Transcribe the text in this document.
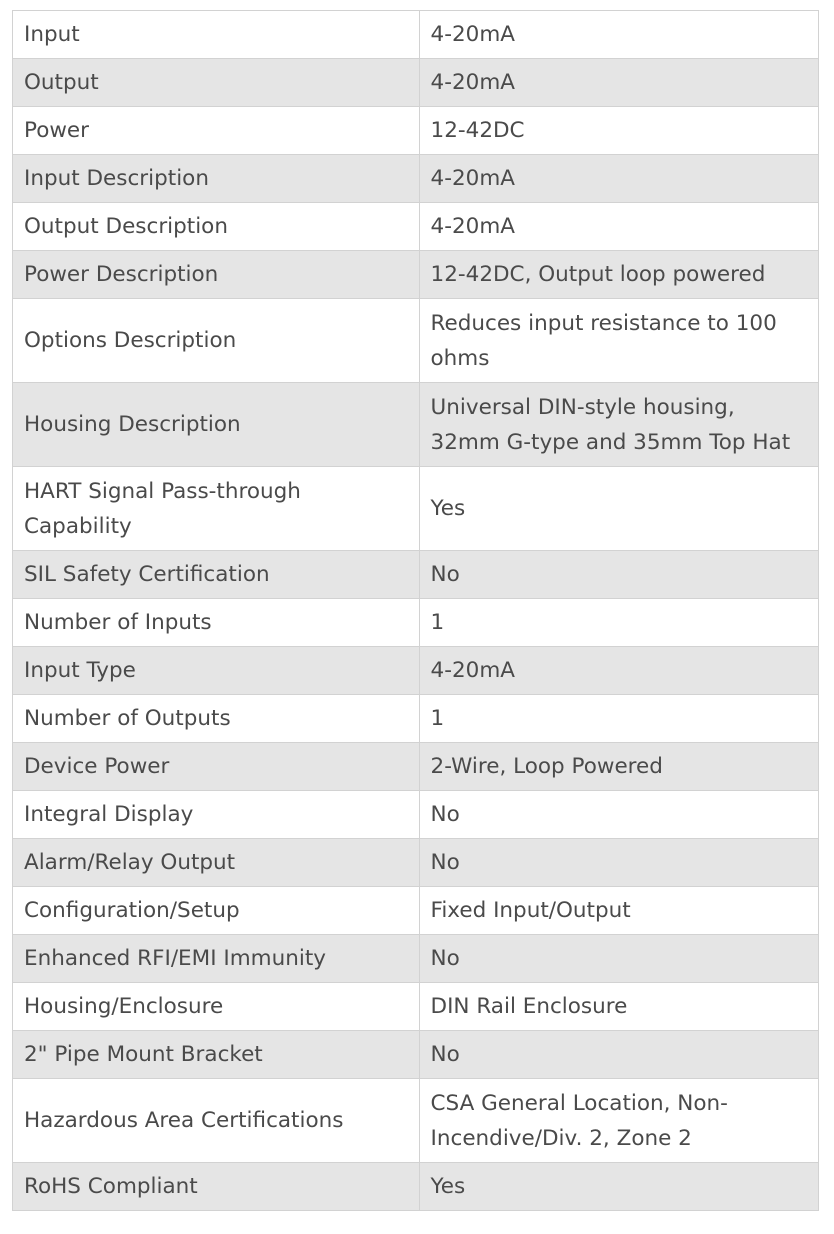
Input	4-20mA
Output	4-20mA
Power	12-42DC
Input Description	4-20mA
Output Description	4-20mA
Power Description	12-42DC, Output loop powered
Options Description	Reduces input resistance to 100 ohms
Housing Description	Universal DIN-style housing, 32mm G-type and 35mm Top Hat
HART Signal Pass-through Capability	Yes
SIL Safety Certification	No
Number of Inputs	1
Input Type	4-20mA
Number of Outputs	1
Device Power	2-Wire, Loop Powered
Integral Display	No
Alarm/Relay Output	No
Configuration/Setup	Fixed Input/Output
Enhanced RFI/EMI Immunity	No
Housing/Enclosure	DIN Rail Enclosure
2" Pipe Mount Bracket	No
Hazardous Area Certifications	CSA General Location, Non-Incendive/Div. 2, Zone 2
RoHS Compliant	Yes
